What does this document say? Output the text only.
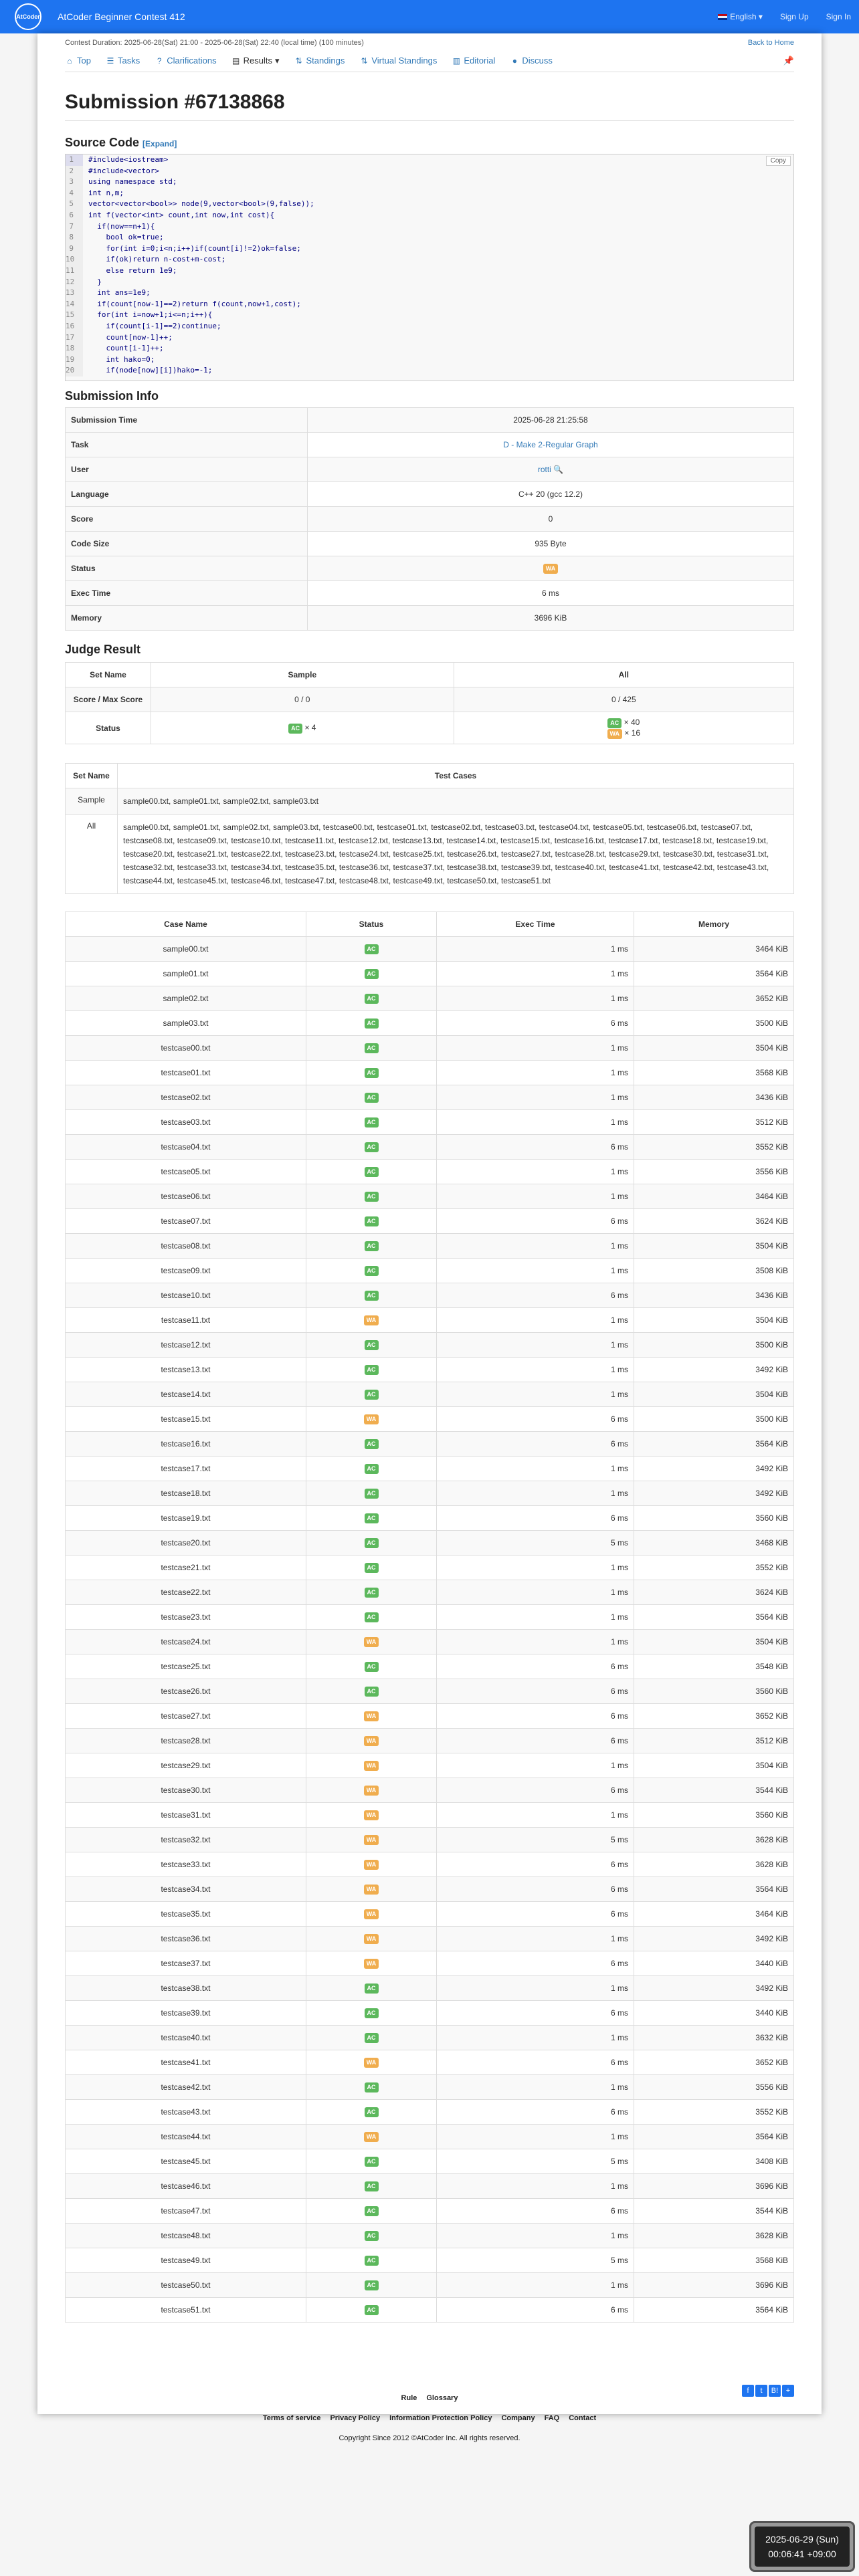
AtCoder AtCoder Beginner Contest 412	English ▾ Sign Up Sign In
Contest Duration: 2025-06-28(Sat) 21:00 - 2025-06-28(Sat) 22:40 (local time) (100 minutes)	Back to Home
⌂ Top ☰ Tasks	? Clarifications ▤ Results ▾ ⇅ Standings ⇅ Virtual Standings ▥ Editorial ● Discuss	📌
Submission #67138868
Source Code [Expand]
Copy
1	#include<iostream>
2	#include<vector>
3	using namespace std;
4	int n,m;
5	vector<vector<bool>> node(9,vector<bool>(9,false));
6	int f(vector<int> count,int now,int cost){
7	if(now==n+1){
8	bool ok=true;
9	for(int i=0;i<n;i++)if(count[i]!=2)ok=false;
10	if(ok)return n-cost+m-cost;
11	else return 1e9;
12	}
13	int ans=1e9;
14	if(count[now-1]==2)return f(count,now+1,cost);
15	for(int i=now+1;i<=n;i++){
16	if(count[i-1]==2)continue;
17	count[now-1]++;
18	count[i-1]++;
19	int hako=0;
20	if(node[now][i])hako=-1;
Submission Info
Submission Time	2025-06-28 21:25:58
Task	D - Make 2-Regular Graph
User	rotti 🔍
Language	C++ 20 (gcc 12.2)
Score	0
Code Size	935 Byte
Status	WA
Exec Time	6 ms
Memory	3696 KiB
Judge Result
Set Name	Sample	All
Score / Max Score	0 / 0	0 / 425
Status	AC × 4	AC × 40
WA × 16
Set Name	Test Cases
Sample	sample00.txt, sample01.txt, sample02.txt, sample03.txt
All	sample00.txt, sample01.txt, sample02.txt, sample03.txt, testcase00.txt, testcase01.txt, testcase02.txt, testcase03.txt, testcase04.txt, testcase05.txt, testcase06.txt, testcase07.txt, testcase08.txt, testcase09.txt, testcase10.txt, testcase11.txt, testcase12.txt, testcase13.txt, testcase14.txt, testcase15.txt, testcase16.txt, testcase17.txt, testcase18.txt, testcase19.txt, testcase20.txt, testcase21.txt, testcase22.txt, testcase23.txt, testcase24.txt, testcase25.txt, testcase26.txt, testcase27.txt, testcase28.txt, testcase29.txt, testcase30.txt, testcase31.txt, testcase32.txt, testcase33.txt, testcase34.txt, testcase35.txt, testcase36.txt, testcase37.txt, testcase38.txt, testcase39.txt, testcase40.txt, testcase41.txt, testcase42.txt, testcase43.txt, testcase44.txt, testcase45.txt, testcase46.txt, testcase47.txt, testcase48.txt, testcase49.txt, testcase50.txt, testcase51.txt
Case Name	Status	Exec Time	Memory
sample00.txt	AC	1 ms	3464 KiB
sample01.txt	AC	1 ms	3564 KiB
sample02.txt	AC	1 ms	3652 KiB
sample03.txt	AC	6 ms	3500 KiB
testcase00.txt	AC	1 ms	3504 KiB
testcase01.txt	AC	1 ms	3568 KiB
testcase02.txt	AC	1 ms	3436 KiB
testcase03.txt	AC	1 ms	3512 KiB
testcase04.txt	AC	6 ms	3552 KiB
testcase05.txt	AC	1 ms	3556 KiB
testcase06.txt	AC	1 ms	3464 KiB
testcase07.txt	AC	6 ms	3624 KiB
testcase08.txt	AC	1 ms	3504 KiB
testcase09.txt	AC	1 ms	3508 KiB
testcase10.txt	AC	6 ms	3436 KiB
testcase11.txt	WA	1 ms	3504 KiB
testcase12.txt	AC	1 ms	3500 KiB
testcase13.txt	AC	1 ms	3492 KiB
testcase14.txt	AC	1 ms	3504 KiB
testcase15.txt	WA	6 ms	3500 KiB
testcase16.txt	AC	6 ms	3564 KiB
testcase17.txt	AC	1 ms	3492 KiB
testcase18.txt	AC	1 ms	3492 KiB
testcase19.txt	AC	6 ms	3560 KiB
testcase20.txt	AC	5 ms	3468 KiB
testcase21.txt	AC	1 ms	3552 KiB
testcase22.txt	AC	1 ms	3624 KiB
testcase23.txt	AC	1 ms	3564 KiB
testcase24.txt	WA	1 ms	3504 KiB
testcase25.txt	AC	6 ms	3548 KiB
testcase26.txt	AC	6 ms	3560 KiB
testcase27.txt	WA	6 ms	3652 KiB
testcase28.txt	WA	6 ms	3512 KiB
testcase29.txt	WA	1 ms	3504 KiB
testcase30.txt	WA	6 ms	3544 KiB
testcase31.txt	WA	1 ms	3560 KiB
testcase32.txt	WA	5 ms	3628 KiB
testcase33.txt	WA	6 ms	3628 KiB
testcase34.txt	WA	6 ms	3564 KiB
testcase35.txt	WA	6 ms	3464 KiB
testcase36.txt	WA	1 ms	3492 KiB
testcase37.txt	WA	6 ms	3440 KiB
testcase38.txt	AC	1 ms	3492 KiB
testcase39.txt	AC	6 ms	3440 KiB
testcase40.txt	AC	1 ms	3632 KiB
testcase41.txt	WA	6 ms	3652 KiB
testcase42.txt	AC	1 ms	3556 KiB
testcase43.txt	AC	6 ms	3552 KiB
testcase44.txt	WA	1 ms	3564 KiB
testcase45.txt	AC	5 ms	3408 KiB
testcase46.txt	AC	1 ms	3696 KiB
testcase47.txt	AC	6 ms	3544 KiB
testcase48.txt	AC	1 ms	3628 KiB
testcase49.txt	AC	5 ms	3568 KiB
testcase50.txt	AC	1 ms	3696 KiB
testcase51.txt	AC	6 ms	3564 KiB
f	t	B!	+
Rule Glossary
Terms of service Privacy Policy Information Protection Policy Company FAQ Contact
Copyright Since 2012 ©AtCoder Inc. All rights reserved.
2025-06-29 (Sun)
00:06:41 +09:00
